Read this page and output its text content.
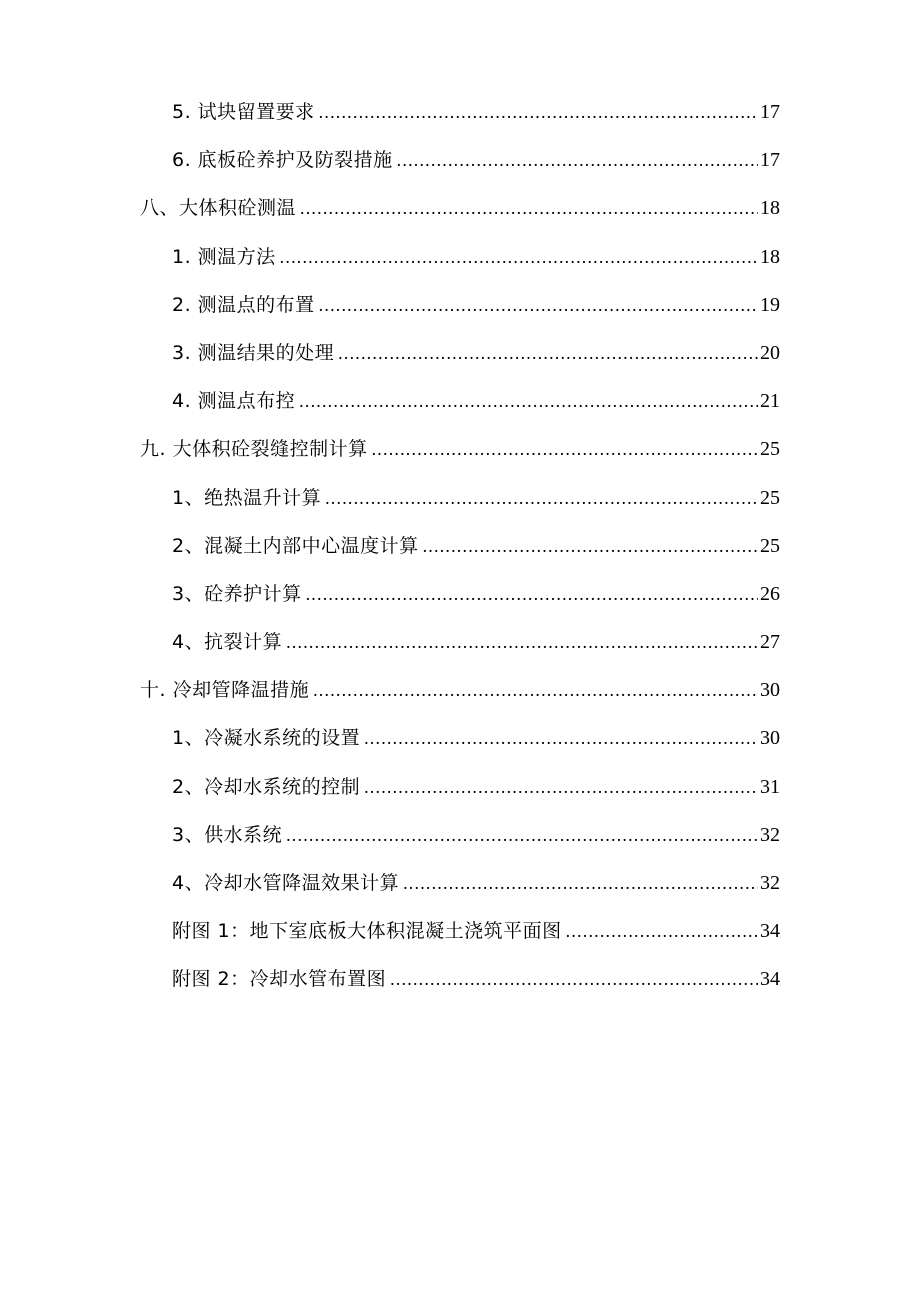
5. 试块留置要求 .....	17
6. 底板砼养护及防裂措施 .....	17
八、大体积砼测温 .....	18
1. 测温方法 .....	18
2. 测温点的布置 .....	19
3. 测温结果的处理 .....	20
4. 测温点布控 .....	21
九. 大体积砼裂缝控制计算 .....	25
1、绝热温升计算 .....	25
2、混凝土内部中心温度计算 .....	25
3、砼养护计算 .....	26
4、抗裂计算 .....	27
十. 冷却管降温措施 .....	30
1、冷凝水系统的设置 .....	30
2、冷却水系统的控制 .....	31
3、供水系统 .....	32
4、冷却水管降温效果计算 .....	32
附图 1：地下室底板大体积混凝土浇筑平面图 .....	34
附图 2：冷却水管布置图 .....	34
